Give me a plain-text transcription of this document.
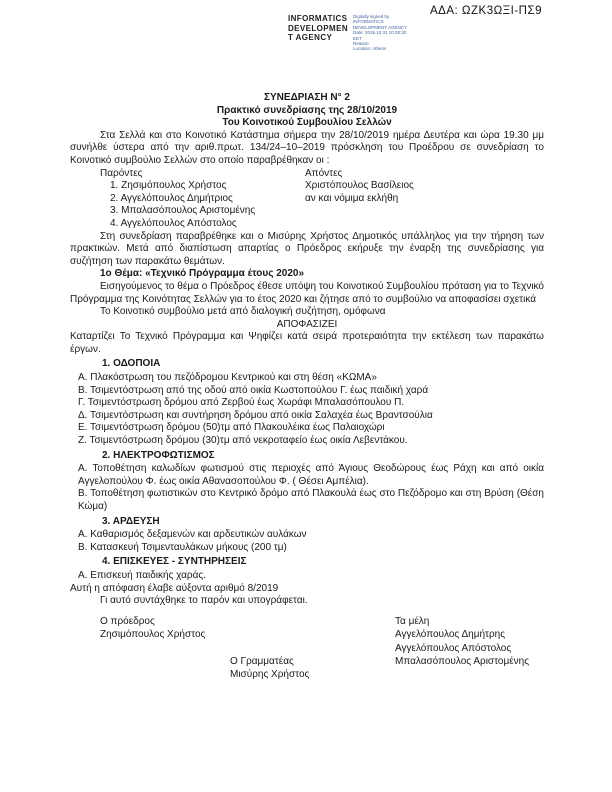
ΑΔΑ: ΩΖΚ3ΩΞΙ-ΠΣ9
INFORMATICS
DEVELOPMEN
T AGENCY
Digitally signed by
INFORMATICS
DEVELOPMENT AGENCY
Date: 2019.10.31 10:28:32
EET
Reason:
Location: Athens
ΣΥΝΕΔΡΙΑΣΗ N° 2
Πρακτικό συνεδρίασης της 28/10/2019
Του Κοινοτικού Συμβουλίου Σελλών
Στα Σελλά και στο Κοινοτικό Κατάστημα σήμερα την 28/10/2019 ημέρα Δευτέρα και ώρα 19.30 μμ συνήλθε ύστερα από την αριθ.πρωτ. 134/24–10–2019 πρόσκληση του Προέδρου σε συνεδρίαση το Κοινοτικό συμβούλιο Σελλών στο οποίο παραβρέθηκαν οι :
Παρόντες	Απόντες
1. Ζησιμόπουλος Χρήστος	Χριστόπουλος Βασίλειος
2. Αγγελόπουλος Δημήτριος	αν και νόμιμα εκλήθη
3. Μπαλασόπουλος Αριστομένης
4. Αγγελόπουλος Απόστολος
Στη συνεδρίαση παραβρέθηκε και ο Μισύρης Χρήστος Δημοτικός υπάλληλος για την τήρηση των πρακτικών. Μετά από διαπίστωση απαρτίας ο Πρόεδρος εκήρυξε την έναρξη της συνεδρίασης για συζήτηση των παρακάτω θεμάτων.
1ο Θέμα: «Τεχνικό Πρόγραμμα έτους 2020»
Εισηγούμενος το θέμα ο Πρόεδρος έθεσε υπόψη του Κοινοτικού Συμβουλίου πρόταση για το Τεχνικό Πρόγραμμα της Κοινότητας Σελλών για το έτος 2020 και ζήτησε από το συμβούλιο να αποφασίσει σχετικά
Το Κοινοτικό συμβούλιο μετά από διαλογική συζήτηση, ομόφωνα
ΑΠΟΦΑΣΙΖΕΙ
Καταρτίζει Το Τεχνικό Πρόγραμμα και Ψηφίζει κατά σειρά προτεραιότητα την εκτέλεση των παρακάτω έργων.
1. ΟΔΟΠΟΙΑ
Α. Πλακόστρωση του πεζόδρομου Κεντρικού και στη θέση «ΚΩΜΑ»
Β. Τσιμεντόστρωση από της οδού από οικία Κωστοπούλου Γ. έως παιδική χαρά
Γ. Τσιμεντόστρωση δρόμου από Ζερβού έως Χωράφι Μπαλασόπουλου Π.
Δ. Τσιμεντόστρωση και συντήρηση δρόμου από οικία Σαλαχέα έως Βραντσούλια
Ε. Τσιμεντόστρωση δρόμου (50)τμ από Πλακουλέικα έως Παλαιοχώρι
Ζ. Τσιμεντόστρωση δρόμου (30)τμ από νεκροταφείο έως οικία Λεβεντάκου.
2. ΗΛΕΚΤΡΟΦΩΤΙΣΜΟΣ
Α. Τοποθέτηση καλωδίων φωτισμού στις περιοχές από Άγιους Θεοδώρους έως Ράχη και από οικία Αγγελοπούλου Φ. έως οικία Αθανασοπούλου Φ. ( Θέσει Αμπέλια).
Β. Τοποθέτηση φωτιστικών στο Κεντρικό δρόμο από Πλακουλά έως στο Πεζόδρομο και στη Βρύση (Θέση Κώμα)
3. ΑΡΔΕΥΣΗ
Α. Καθαρισμός δεξαμενών και αρδευτικών αυλάκων
Β. Κατασκευή Τσιμενταυλάκων μήκους (200 τμ)
4. ΕΠΙΣΚΕΥΕΣ - ΣΥΝΤΗΡΗΣΕΙΣ
Α. Επισκευή παιδικής χαράς.
Αυτή η απόφαση έλαβε αύξοντα αριθμό 8/2019
Γι αυτό συντάχθηκε το παρόν και υπογράφεται.
Ο πρόεδρος	Τα μέλη
Ζησιμόπουλος Χρήστος	Αγγελόπουλος Δημήτρης
Αγγελόπουλος Απόστολος
Ο Γραμματέας	Μπαλασόπουλος Αριστομένης
Μισύρης Χρήστος
